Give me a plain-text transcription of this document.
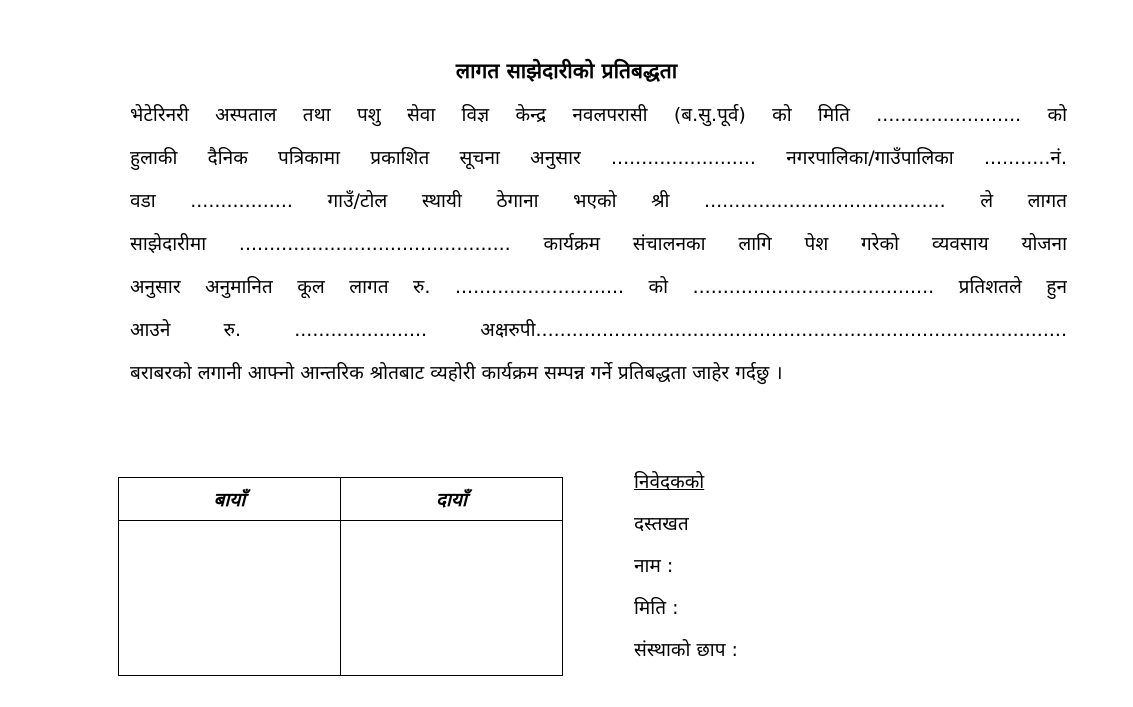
लागत साझेदारीको प्रतिबद्धता
भेटेरिनरी अस्पताल तथा पशु सेवा विज्ञ केन्द्र नवलपरासी (ब.सु.पूर्व) को मिति ........................ को
हुलाकी दैनिक पत्रिकामा प्रकाशित सूचना अनुसार ........................ नगरपालिका/गाउँपालिका ...........नं.
वडा ................. गाउँ/टोल स्थायी ठेगाना भएको श्री ........................................ ले लागत
साझेदारीमा ............................................. कार्यक्रम संचालनका लागि पेश गरेको व्यवसाय योजना
अनुसार अनुमानित कूल लागत रु. ............................ को ........................................ प्रतिशतले हुन
आउने रु. ...................... अक्षरुपी........................................................................................
बराबरको लगानी आफ्नो आन्तरिक श्रोतबाट व्यहोरी कार्यक्रम सम्पन्न गर्ने प्रतिबद्धता जाहेर गर्दछु ।
बायाँ	दायाँ

निवेदकको
दस्तखत
नाम :
मिति :
संस्थाको छाप :
